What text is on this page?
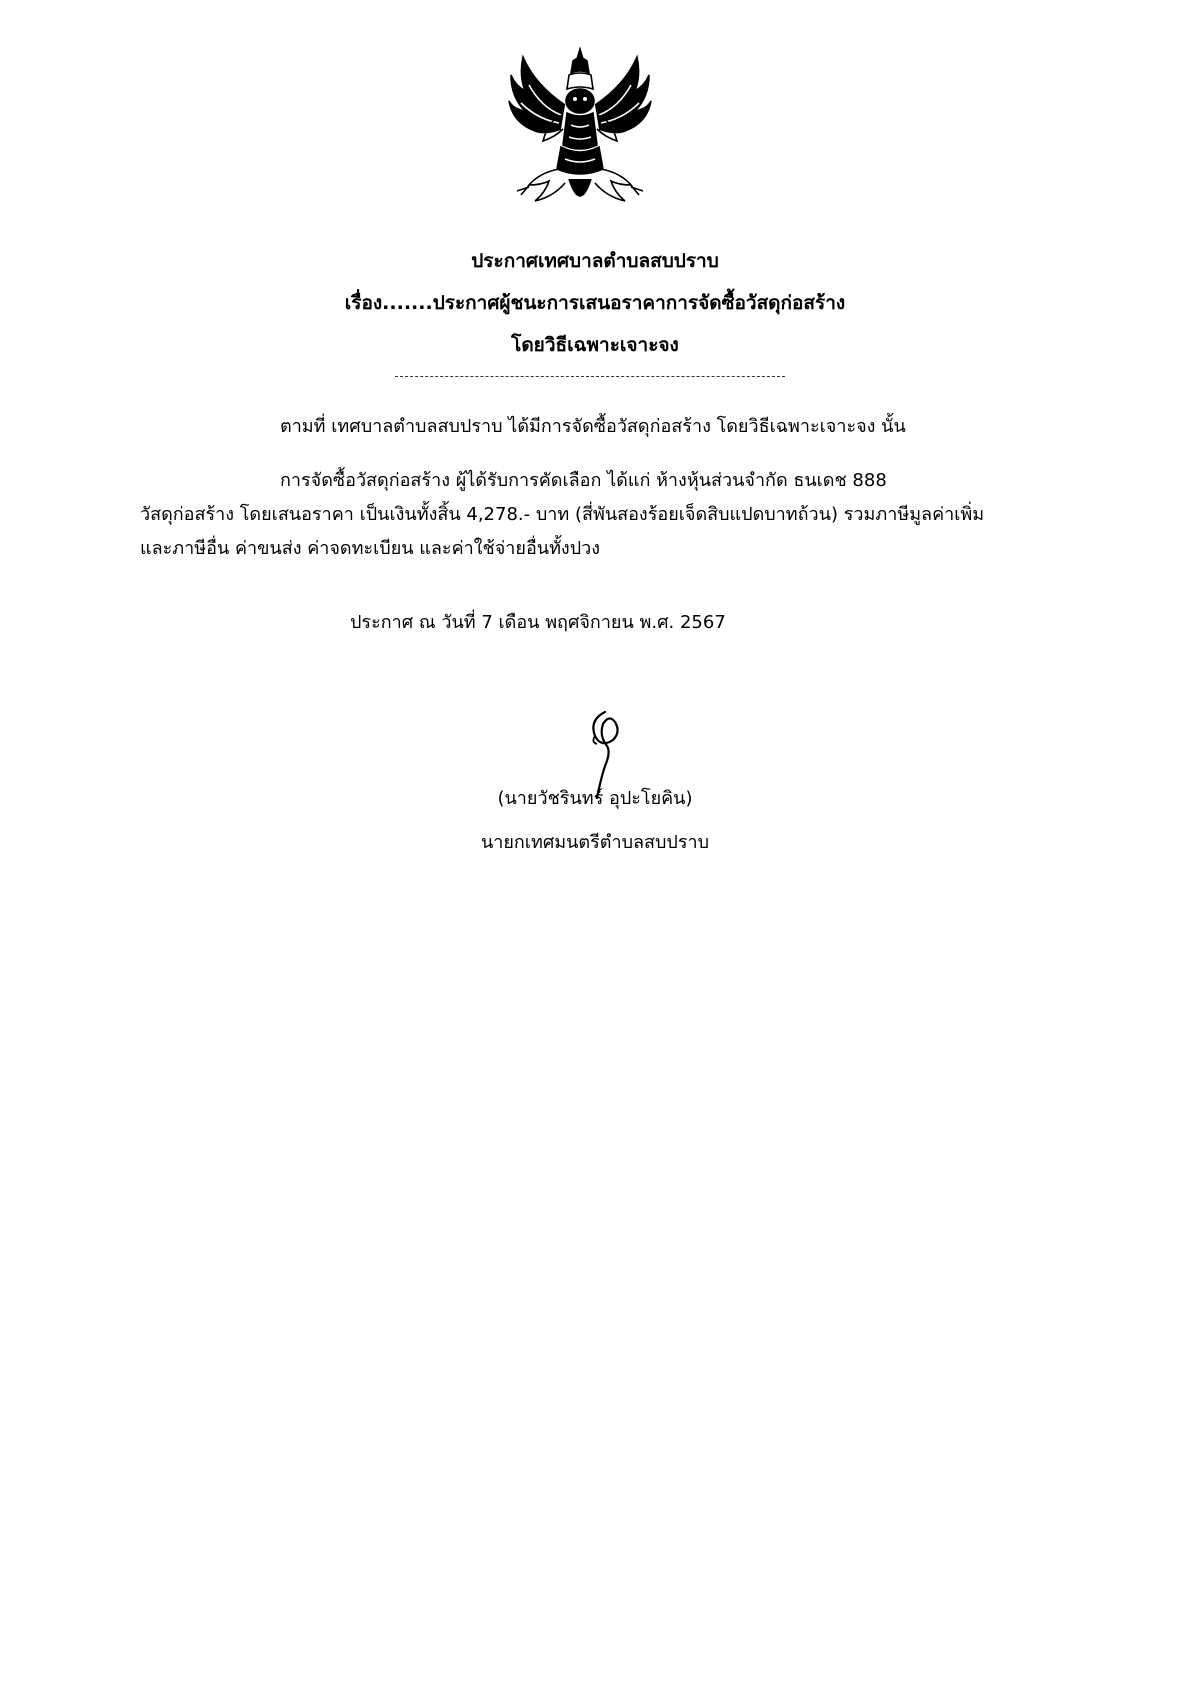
ประกาศเทศบาลตำบลสบปราบ
เรื่อง.......ประกาศผู้ชนะการเสนอราคาการจัดซื้อวัสดุก่อสร้าง
โดยวิธีเฉพาะเจาะจง
ตามที่ เทศบาลตำบลสบปราบ ได้มีการจัดซื้อวัสดุก่อสร้าง โดยวิธีเฉพาะเจาะจง นั้น
การจัดซื้อวัสดุก่อสร้าง ผู้ได้รับการคัดเลือก ได้แก่ ห้างหุ้นส่วนจำกัด ธนเดช 888
วัสดุก่อสร้าง โดยเสนอราคา เป็นเงินทั้งสิ้น 4,278.- บาท (สี่พันสองร้อยเจ็ดสิบแปดบาทถ้วน) รวมภาษีมูลค่าเพิ่ม
และภาษีอื่น ค่าขนส่ง ค่าจดทะเบียน และค่าใช้จ่ายอื่นทั้งปวง
ประกาศ ณ วันที่ 7 เดือน พฤศจิกายน พ.ศ. 2567
(นายวัชรินทร์ อุปะโยคิน)
นายกเทศมนตรีตำบลสบปราบ
